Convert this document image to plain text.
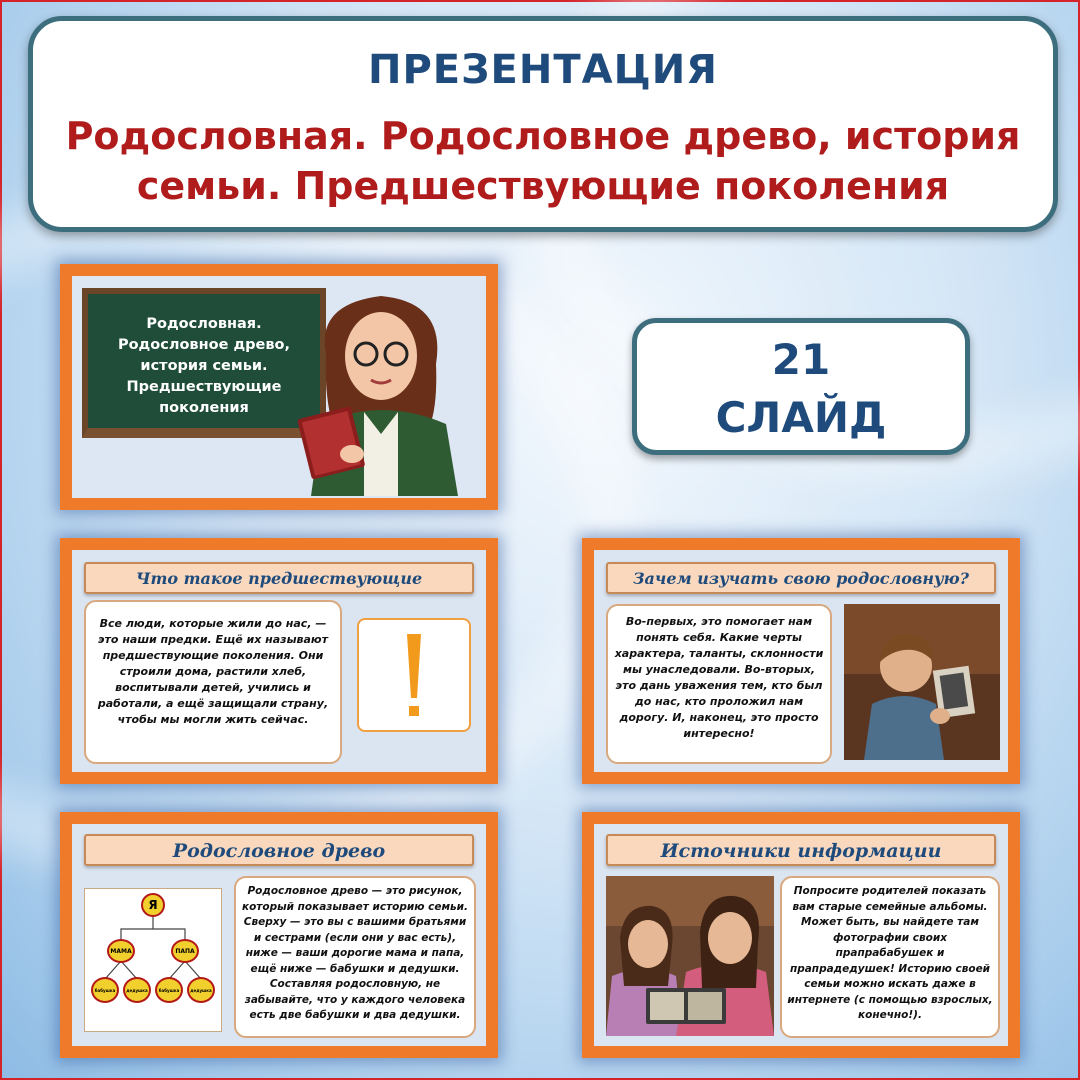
ПРЕЗЕНТАЦИЯ
Родословная. Родословное древо, история
семьи. Предшествующие поколения
Родословная. Родословное древо, история семьи. Предшествующие поколения
21
СЛАЙД
Что такое предшествующие
Все люди, которые жили до нас, — это наши предки. Ещё их называют предшествующие поколения. Они строили дома, растили хлеб, воспитывали детей, учились и работали, а ещё защищали страну, чтобы мы могли жить сейчас.
Зачем изучать свою родословную?
Во-первых, это помогает нам понять себя. Какие черты характера, таланты, склонности мы унаследовали. Во-вторых, это дань уважения тем, кто был до нас, кто проложил нам дорогу. И, наконец, это просто интересно!
Родословное древо
Я
МАМА	ПАПА
бабушка	дедушка	бабушка	дедушка
Родословное древо — это рисунок, который показывает историю семьи. Сверху — это вы с вашими братьями и сестрами (если они у вас есть), ниже — ваши дорогие мама и папа, ещё ниже — бабушки и дедушки. Составляя родословную, не забывайте, что у каждого человека есть две бабушки и два дедушки.
Источники информации
Попросите родителей показать вам старые семейные альбомы. Может быть, вы найдете там фотографии своих прапрабабушек и прапрадедушек! Историю своей семьи можно искать даже в интернете (с помощью взрослых, конечно!).
